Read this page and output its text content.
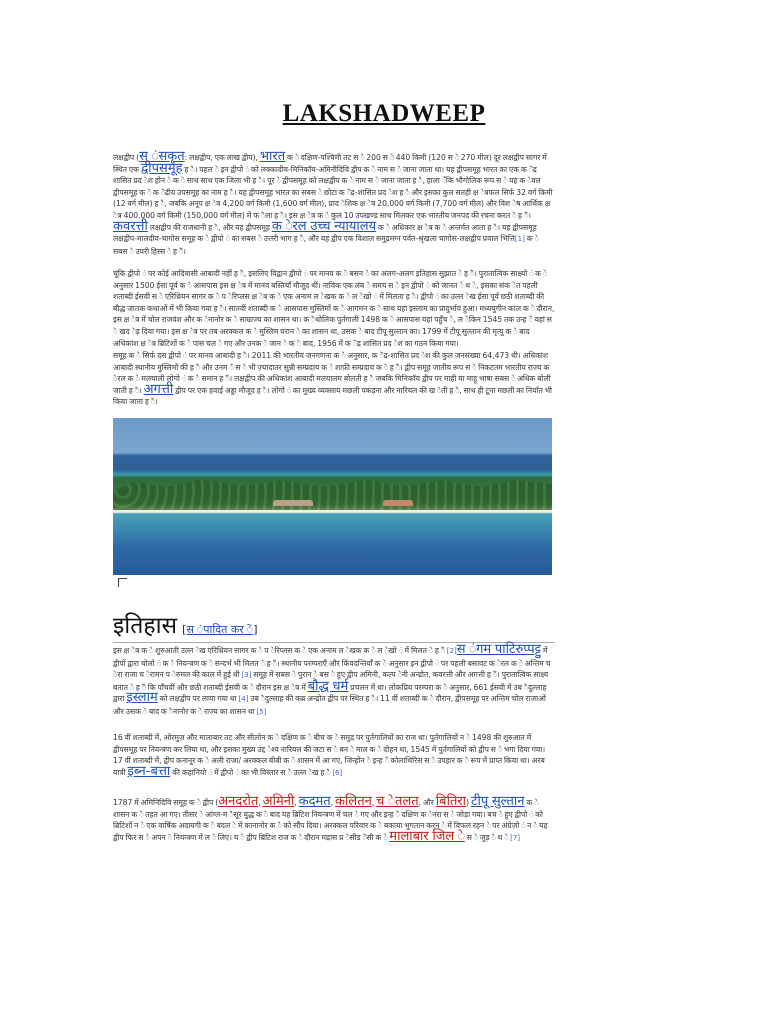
LAKSHADWEEP
लक्षद्वीप (स ंसकृत: लक्षद्वीप, एक लाख द्वीप), भारत क े दक्षिण-पश्चिमी तट स े 200 स े 440 किमी (120 स े 270 मील) दूर लक्षद्वीप सागर में स्थित एक द्वीपसमूह ह ै। पहल े इन द्वीपो ं को लक्कादीव-मिनिकॉय-अमिनीदिवि द्वीप क े नाम स े जाना जाता था। यह द्वीपसमूह भारत का एक क ेंद्र शासित प्रद ेश होन े क े साथ साथ एक जिला भी ह ै। पूर े द्वीपसमूह को लक्षद्वीप क े नाम स े जाना जाता ह ै, हाला ँकि भौगोलिक रूप स े यह क ेवल द्वीपसमूह क े क ेंद्रीय उपसमूह का नाम ह ै। यह द्वीपसमूह भारत का सबस े छोटा क ेंद्र-शासित प्रद ेश ह ै और इसका कुल सतही क्ष ेत्रफल सिर्फ 32 वर्ग किमी (12 वर्ग मील) ह ै, जबकि अनूप क्ष ेत्र 4,200 वर्ग किमी (1,600 वर्ग मील), प्राद ेशिक क्ष ेत्र 20,000 वर्ग किमी (7,700 वर्ग मील) और विश ेष आर्थिक क्ष ेत्र 400,000 वर्ग किमी (150,000 वर्ग मील) में फ ैला ह ै। इस क्ष ेत्र क े कुल 10 उपखण्ड साथ मिलकर एक भारतीय जनपद की रचना करत े ह ैं। कवरत्ती लक्षद्वीप की राजधानी ह ै, और यह द्वीपसमूह क ेरल उच्च न्यायालय क े अधिकार क्ष ेत्र क े अन्तर्गत आता ह ै। यह द्वीपसमूह लक्षद्वीप-मालदीव-चागोस समूह क े द्वीपो ं का सबस े उत्तरी भाग ह ै, और यह द्वीप एक विशाल समुद्रमग्न पर्वत-श्रृंखला चागोस-लक्षद्वीप प्रवाल भित्ति[1] क े सबस े उपरी हिस्स े ह ैं।
चूंकि द्वीपो ं पर कोई आदिवासी आबादी नहीं ह ै, इसलिए विद्वान द्वीपो ं पर मानव क े बसन े का अलग-अलग इतिहास सुझात े ह ैं। पुरातात्विक साक्ष्यो ं क े अनुसार 1500 ईसा पूर्व क े आसपास इस क्ष ेत्र में मानव बस्तियाँ मौजूद थीं। नाविक एक लंब े समय स े इन द्वीपो ं को जानत े थ े, इसका संक ेत पहली शताब्दी ईसवी स े एरिथ्रियन सागर क े प ेरिप्लस क्ष ेत्र क े एक अनाम ल ेखक क े ल ेखो ं में मिलता ह ै। द्वीपो ं का उल्ल ेख ईसा पूर्व छठी शताब्दी की बौद्ध जातक कथाओं में भी किया गया ह ै। सातवीं शताब्दी क े आसपास मुस्लिमों क े आगमन क े साथ यहां इस्लाम का प्रादुर्भाव हुआ। मध्ययुगीन काल क े दौरान, इस क्ष ेत्र में चोल राजवंश और क ेनानोर क े साम्राज्य का शासन था। क ैथोलिक पुर्तगाली 1498 क े आसपास यहां पहुँच े, ल ेकिन 1545 तक उन्ह ें यहां स े खद ेड़ दिया गया। इस क्ष ेत्र पर तब अरक्कल क े मुस्लिम घरान े का शासन था, उसक े बाद टीपू सुल्तान का। 1799 में टीपू सुल्तान की मृत्यु क े बाद अधिकांश क्ष ेत्र ब्रिटिशों क े पास चल े गए और उनक े जान े क े बाद, 1956 में क ेंद्र शासित प्रद ेश का गठन किया गया।
समूह क े सिर्फ दस द्वीपो ं पर मानव आबादी ह ै। 2011 की भारतीय जनगणना क े अनुसार, क ेंद्र-शासित प्रद ेश की कुल जनसंख्या 64,473 थी। अधिकांश आबादी स्थानीय मुस्लिमों की ह ै और उनम ें स े भी ज़्यादातर सुन्नी सम्प्रदाय क े शाफ़ी सम्प्रदाय क े ह ैं। द्वीप समूह जातीय रूप स े निकटतम भारतीय राज्य क ेरल क े मलयाली लोगो ं क े समान ह ैं। लक्षद्वीप की अधिकांश आबादी मलयालम बोलती ह ै जबकि मिनिकॉय द्वीप पर माही या माहू भाषा सबस े अधिक बोली जाती ह ै। अगत्ती द्वीप पर एक हवाई अड्डा मौजूद ह ै। लोगो ं का मुख्य व्यवसाय मछली पकड़ना और नारियल की ख ेती ह ै, साथ ही टूना मछली का निर्यात भी किया जाता ह ै।
इतिहास [स ंपादित कर ें]
इस क्ष ेत्र क े शुरुआती उल्ल ेख एरिथ्रियन सागर क े प ेरिप्लस क े एक अनाम ल ेखक क े ल ेखो ं में मिलत े ह ैं [2]स ंगम पाटिरुप्पट्टु में द्वीपों द्वारा चोलो ं क े नियन्त्रण क े सन्दर्भ भी मिलत े ह ैं। स्थानीय परम्पराएँ और किंवदन्तियाँ क े अनुसार इन द्वीपो ं पर पहली बसावट क ेरल क े अन्तिम च ेरा राजा च ेरामन प ेरुमल की काल में हुई थी [3] समूह में सबस े पुरान े बस े हुए द्वीप अमिनी, कल्प ेनी अन्द्रोत, कवरत्ती और अगत्ती ह ैं। पुरातात्विक साक्ष्य बतात े ह ैं कि पाँचवीं और छठी शताब्दी ईसवी क े दौरान इस क्ष ेत्र में बौद्ध धर्म प्रचलन में था। लोकप्रिय परम्परा क े अनुसार, 661 ईसवी में उब ैदुल्लाह द्वारा इस्लाम को लक्षद्वीप पर लाया गया था [4] उब ैदुल्लाह की कब्र अन्द्रोत द्वीप पर स्थित ह ै। 11 वीं शताब्दी क े दौरान, द्वीपसमूह पर अन्तिम चोल राजाओं और उसक े बाद क ैनानोर क े राज्य का शासन था [5]
16 वीं शताब्दी में, ओरमुज़ और मालाबार तट और सीलोन क े दक्षिण क े बीच क े समुद्र पर पुर्तगालियों का राज था। पुर्तगालियों न े 1498 की शुरुआत में द्वीपसमूह पर नियन्त्रण कर लिया था, और इसका मुख्य उद्द ेश्य नारियल की जटा स े बन े माल क े दोहन था, 1545 में पुर्तगालियों को द्वीप स े भगा दिया गया। 17 वीं शताब्दी में, द्वीप कनानूर क े अली राजा/ अरक्कल बीबी क े शासन में आ गए, जिन्होंन े इन्ह ें कोलाथिरिस स े उपहार क े रूप में प्राप्त किया था। अरब यात्री इब्न-बत्ता की कहानियो ं में द्वीपो ं का भी विस्तार स े उल्ल ेख ह ै [6]
1787 में अमिनिदिवि समूह क े द्वीप (अनदरोत, अमिनी, कदमत, कलितन, च ेतलत, और बितिरा) टीपू सुल्तान क े शासन क े तहत आ गए। तीसर े आंग्ल-म ैसूर युद्ध क े बाद यह ब्रिटिश नियन्त्रण में चल े गए और इन्ह ें दक्षिण क ेनरा स े जोड़ा गया। बच े हुए द्वीपो ं को ब्रिटिशों न े एक वार्षिक अदायगी क े बदल े में कानानोर क े को सौंप दिया। अरक्कल परिवार क े बकाया भुगतान करन े में विफल रहन े पर अंग्रेज़ो ं न े यह द्वीप फिर स े अपन े नियन्त्रण में ल े लिए। य े द्वीप ब्रिटिश राज क े दौरान मद्रास प्र ेसीड ेंसी क े मालाबार जिल े स े जुड़ े थ े [7]
